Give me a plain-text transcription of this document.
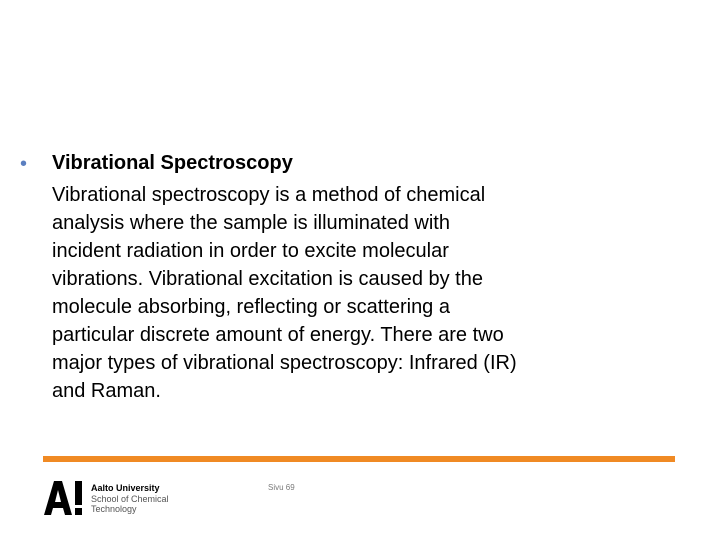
• Vibrational Spectroscopy
Vibrational spectroscopy is a method of chemical
analysis where the sample is illuminated with
incident radiation in order to excite molecular
vibrations. Vibrational excitation is caused by the
molecule absorbing, reflecting or scattering a
particular discrete amount of energy. There are two
major types of vibrational spectroscopy: Infrared (IR)
and Raman.
Aalto University
School of Chemical
Technology
Sivu 69
